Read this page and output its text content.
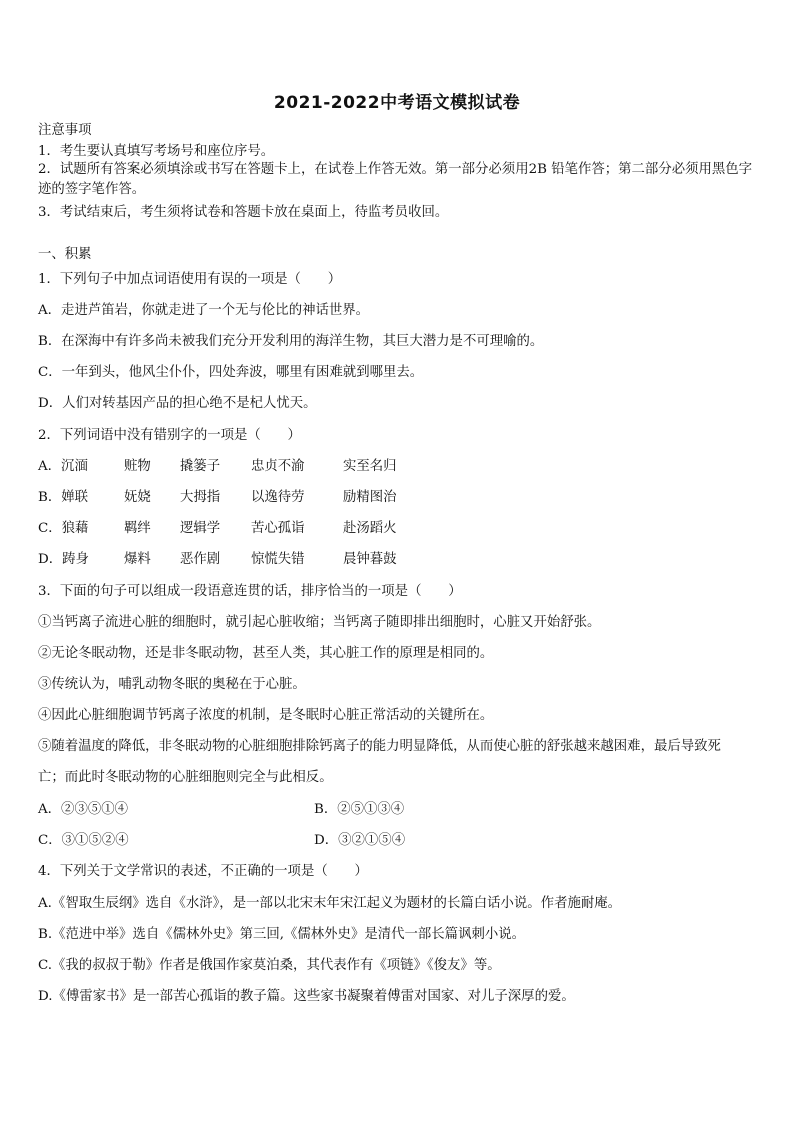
2021-2022中考语文模拟试卷
注意事项
1．考生要认真填写考场号和座位序号。
2．试题所有答案必须填涂或书写在答题卡上，在试卷上作答无效。第一部分必须用2B 铅笔作答；第二部分必须用黑色字迹的签字笔作答。
3．考试结束后，考生须将试卷和答题卡放在桌面上，待监考员收回。
一、积累
1．下列句子中加点词语使用有误的一项是（　　）
A．走进芦笛岩，你就走进了一个无与伦比的神话世界。
B．在深海中有许多尚未被我们充分开发利用的海洋生物，其巨大潜力是不可理喻的。
C．一年到头，他风尘仆仆，四处奔波，哪里有困难就到哪里去。
D．人们对转基因产品的担心绝不是杞人忧天。
2．下列词语中没有错别字的一项是（　　）
A．沉湎	赃物 撬篓子 忠贞不渝	实至名归
B．婵联	妩娆 大拇指 以逸待劳	励精图治
C．狼藉	羁绊 逻辑学 苦心孤诣	赴汤蹈火
D．踌身	爆料 恶作剧 惊慌失错	晨钟暮鼓
3．下面的句子可以组成一段语意连贯的话，排序恰当的一项是（　　）
①当钙离子流进心脏的细胞时，就引起心脏收缩；当钙离子随即排出细胞时，心脏又开始舒张。
②无论冬眠动物，还是非冬眠动物，甚至人类，其心脏工作的原理是相同的。
③传统认为，哺乳动物冬眠的奥秘在于心脏。
④因此心脏细胞调节钙离子浓度的机制，是冬眠时心脏正常活动的关键所在。
⑤随着温度的降低，非冬眠动物的心脏细胞排除钙离子的能力明显降低，从而使心脏的舒张越来越困难，最后导致死
亡；而此时冬眠动物的心脏细胞则完全与此相反。
A．②③⑤①④	B．②⑤①③④
C．③①⑤②④	D．③②①⑤④
4．下列关于文学常识的表述，不正确的一项是（　　）
A.《智取生辰纲》选自《水浒》，是一部以北宋末年宋江起义为题材的长篇白话小说。作者施耐庵。
B.《范进中举》选自《儒林外史》第三回,《儒林外史》是清代一部长篇讽刺小说。
C.《我的叔叔于勒》作者是俄国作家莫泊桑，其代表作有《项链》《俊友》等。
D.《傅雷家书》是一部苦心孤诣的教子篇。这些家书凝聚着傅雷对国家、对儿子深厚的爱。
